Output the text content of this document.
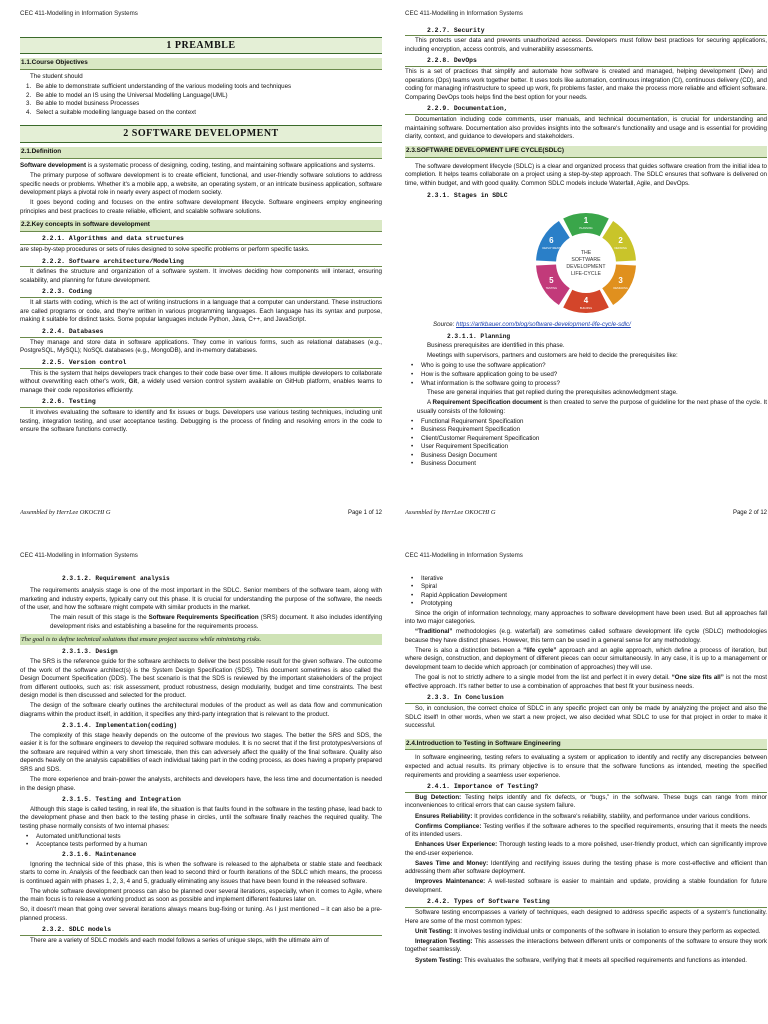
CEC 411-Modelling in Information Systems
1 PREAMBLE
1.1.Course Objectives

The student should

1. Be able to demonstrate sufficient understanding of the various modeling tools and techniques
2. Be able to model an IS using the Universal Modelling Language(UML)
3. Be able to model business Processes
4. Select a suitable modelling language based on the context
2 SOFTWARE DEVELOPMENT
2.1.Definition

Software development is a systematic process of designing, coding, testing, and maintaining software applications and systems.

The primary purpose of software development is to create efficient, functional, and user-friendly software solutions to address specific needs or problems. Whether it's a mobile app, a website, an operating system, or an intricate business application, software development plays a pivotal role in nearly every aspect of modern society.

It goes beyond coding and focuses on the entire software development lifecycle. Software engineers employ engineering principles and best practices to create reliable, efficient, and scalable software solutions.

2.2.Key concepts in software development
2.2.1. Algorithms and data structures

are step-by-step procedures or sets of rules designed to solve specific problems or perform specific tasks.

2.2.2. Software architecture/Modeling

It defines the structure and organization of a software system. It involves deciding how components will interact, ensuring scalability, and planning for future development.

2.2.3. Coding

It all starts with coding, which is the act of writing instructions in a language that a computer can understand. These instructions are called programs or code, and they're written in various programming languages. Each language has its syntax and purpose, making it suitable for distinct tasks. Some popular languages include Python, Java, C++, and JavaScript.

2.2.4. Databases

They manage and store data in software applications. They come in various forms, such as relational databases (e.g., PostgreSQL, MySQL); NoSQL databases (e.g., MongoDB), and in-memory databases.

2.2.5. Version control

This is the system that helps developers track changes to their code base over time. It allows multiple developers to collaborate without overwriting each other's work, Git, a widely used version control system available on GitHub platform, enables teams to manage their code repositories efficiently.

2.2.6. Testing

It involves evaluating the software to identify and fix issues or bugs. Developers use various testing techniques, including unit testing, integration testing, and user acceptance testing. Debugging is the process of finding and resolving errors in the code to ensure the software functions correctly.

Assembled by HerrLee OKOCHI G	Page 1 of 12
CEC 411-Modelling in Information Systems
2.2.7. Security

This protects user data and prevents unauthorized access. Developers must follow best practices for securing applications, including encryption, access controls, and vulnerability assessments.

2.2.8. DevOps

This is a set of practices that simplify and automate how software is created and managed, helping development (Dev) and operations (Ops) teams work together better. It uses tools like automation, continuous integration (CI), continuous delivery (CD), and coding for managing infrastructure to speed up work, fix problems faster, and make the process more reliable and efficient software. Comparing DevOps tools helps find the best option for your needs.

2.2.9. Documentation,

Documentation including code comments, user manuals, and technical documentation, is crucial for understanding and maintaining software. Documentation also provides insights into the software's functionality and usage and is essential for providing clarity, context, and guidance to developers and stakeholders.

2.3.SOFTWARE DEVELOPMENT LIFE CYCLE(SDLC)

The software development lifecycle (SDLC) is a clear and organized process that guides software creation from the initial idea to completion. It helps teams collaborate on a project using a step-by-step approach. The SDLC ensures that software is delivered on time, within budget, and with good quality. Common SDLC models include Waterfall, Agile, and DevOps.

2.3.1. Stages in SDLC
1
PLANNING
2
DEFINING
3
DESIGNING
4
BUILDING
5
TESTING
6
DEPLOYMENT
THE
SOFTWARE
DEVELOPMENT
LIFE-CYCLE
Source: https://artkbauer.com/blog/software-development-life-cycle-sdlc/
2.3.1.1. Planning

Business prerequisites are identified in this phase.

Meetings with supervisors, partners and customers are held to decide the prerequisites like:

• Who is going to use the software application?
• How is the software application going to be used?
• What information is the software going to process?

These are general inquiries that get replied during the prerequisites acknowledgment stage.

A Requirement Specification document is then created to serve the purpose of guideline for the next phase of the cycle. It usually consists of the following:

• Functional Requirement Specification
• Business Requirement Specification
• Client/Customer Requirement Specification
• User Requirement Specification
• Business Design Document
• Business Document
Assembled by HerrLee OKOCHI G	Page 2 of 12
CEC 411-Modelling in Information Systems
2.3.1.2. Requirement analysis

The requirements analysis stage is one of the most important in the SDLC. Senior members of the software team, along with marketing and industry experts, typically carry out this phase. It is crucial for understanding the purpose of the software, the needs of the user, and how the software might compete with similar products in the market.

The main result of this stage is the Software Requirements Specification (SRS) document. It also includes identifying development risks and establishing a baseline for the requirements process.

The goal is to define technical solutions that ensure project success while minimizing risks.
2.3.1.3. Design

The SRS is the reference guide for the software architects to deliver the best possible result for the given software. The outcome of the work of the software architect(s) is the System Design Specification (SDS). This document sometimes is also called the Design Document Specification (DDS). The best scenario is that the SDS is reviewed by the important stakeholders of the project from different outlooks, such as: risk assessment, product robustness, design modularity, budget and time constraints. The best design model is then discussed and selected for the product.

The design of the software clearly outlines the architectural modules of the product as well as data flow and communication diagrams within the product itself, in addition, it specifies any third-party integration that is relevant to the product.

2.3.1.4. Implementation(coding)

The complexity of this stage heavily depends on the outcome of the previous two stages. The better the SRS and SDS, the easier it is for the software engineers to develop the required software modules. It is no secret that if the first prototypes/versions of the software are required within a very short timescale, then this can adversely affect the quality of the final software. Quality also depends heavily on the analysis capabilities of each individual taking part in the coding process, as does having a properly prepared SRS and SDS.

The more experience and brain-power the analysts, architects and developers have, the less time and documentation is needed in the design phase.

2.3.1.5. Testing and Integration

Although this stage is called testing, in real life, the situation is that faults found in the software in the testing phase, lead back to the development phase and then back to the testing phase in circles, until the software finally reaches the required quality. The testing phase normally consists of two internal phases:

• Automated unit/functional tests
• Acceptance tests performed by a human
2.3.1.6. Maintenance

Ignoring the technical side of this phase, this is when the software is released to the alpha/beta or stable state and feedback starts to come in. Analysis of the feedback can then lead to second third or fourth iterations of the SDLC which means, the process is continued again with phases 1, 2, 3, 4 and 5, gradually eliminating any issues that have been found in the released software.

The whole software development process can also be planned over several iterations, especially, when it comes to Agile, where the main focus is to release a working product as soon as possible and implement different features later on.

So, it doesn't mean that going over several iterations always means bug-fixing or tuning. As I just mentioned – it can also be a pre-planned process.

2.3.2. SDLC models

There are a variety of SDLC models and each model follows a series of unique steps, with the ultimate aim of

CEC 411-Modelling in Information Systems
• Iterative
• Spiral
• Rapid Application Development
• Prototyping

Since the origin of information technology, many approaches to software development have been used. But all approaches fall into two major categories.

“Traditional” methodologies (e.g. waterfall) are sometimes called software development life cycle (SDLC) methodologies because they have distinct phases. However, this term can be used in a general sense for any methodology.

There is also a distinction between a “life cycle” approach and an agile approach, which define a process of iteration, but where design, construction, and deployment of different pieces can occur simultaneously. In any case, it is up to a management or development team to decide which approach (or combination of approaches) they will use.

The goal is not to strictly adhere to a single model from the list and perfect it in every detail. “One size fits all” is not the most effective approach. It's rather better to use a combination of approaches that best fit your business needs.

2.3.3. In Conclusion

So, in conclusion, the correct choice of SDLC in any specific project can only be made by analyzing the project and also the SDLC itself! In other words, when we start a new project, we also decided what SDLC to use for that project in order to make it successful.

2.4.Introduction to Testing in Software Engineering

In software engineering, testing refers to evaluating a system or application to identify and rectify any discrepancies between expected and actual results. Its primary objective is to ensure that the software functions as intended, meeting the specified requirements and providing a seamless user experience.

2.4.1. Importance of Testing?

Bug Detection: Testing helps identify and fix defects, or “bugs,” in the software. These bugs can range from minor inconveniences to critical errors that can cause system failure.

Ensures Reliability: It provides confidence in the software's reliability, stability, and performance under various conditions.

Confirms Compliance: Testing verifies if the software adheres to the specified requirements, ensuring that it meets the needs of its intended users.

Enhances User Experience: Thorough testing leads to a more polished, user-friendly product, which can significantly improve the end-user experience.

Saves Time and Money: Identifying and rectifying issues during the testing phase is more cost-effective and efficient than addressing them after software deployment.

Improves Maintenance: A well-tested software is easier to maintain and update, providing a stable foundation for future development.

2.4.2. Types of Software Testing

Software testing encompasses a variety of techniques, each designed to address specific aspects of a system's functionality. Here are some of the most common types:

Unit Testing: It involves testing individual units or components of the software in isolation to ensure they perform as expected.

Integration Testing: This assesses the interactions between different units or components of the software to ensure they work together seamlessly.

System Testing: This evaluates the software, verifying that it meets all specified requirements and functions as intended.
